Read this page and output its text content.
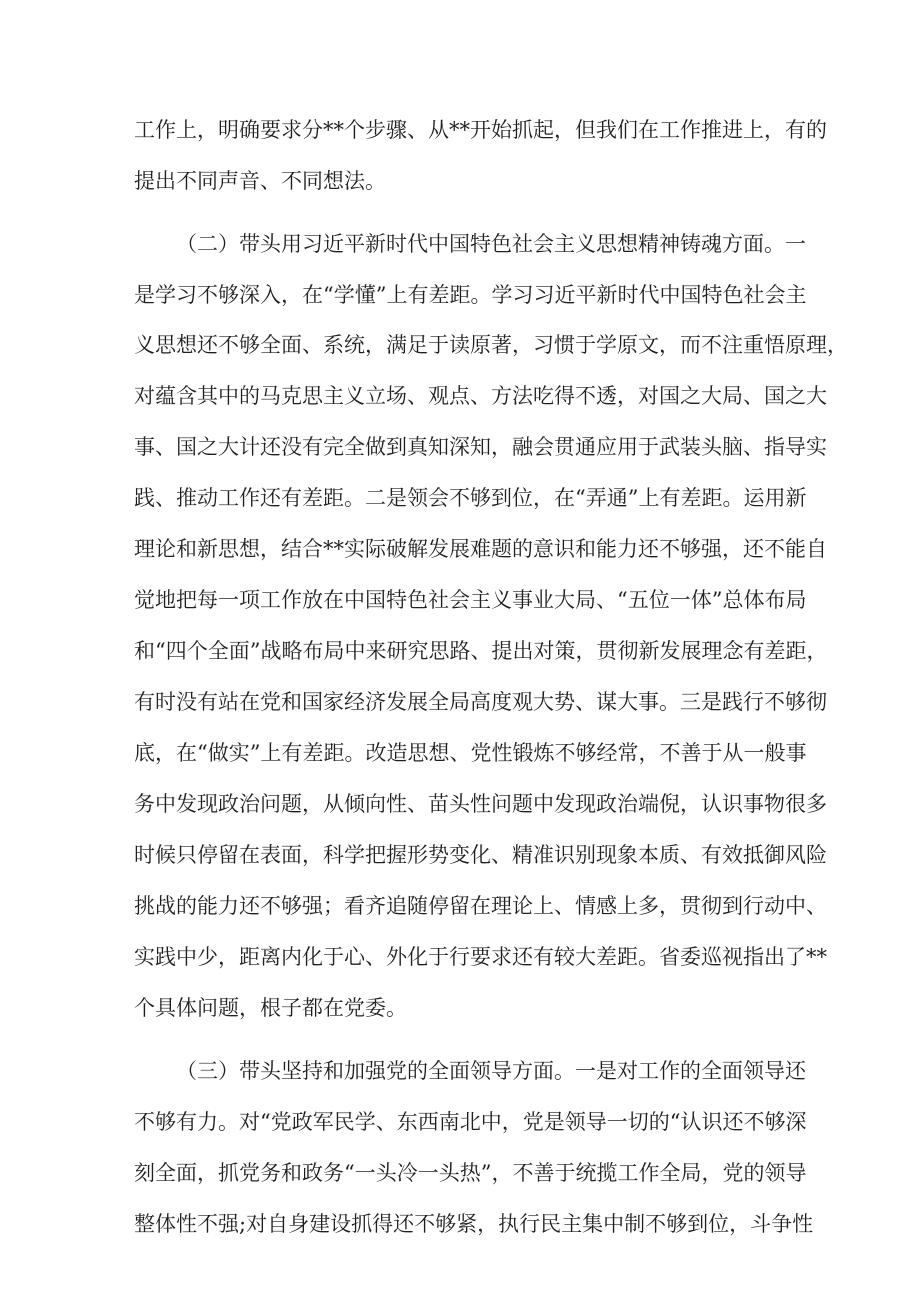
工作上，明确要求分**个步骤、从**开始抓起，但我们在工作推进上，有的
提出不同声音、不同想法。
（二）带头用习近平新时代中国特色社会主义思想精神铸魂方面。一
是学习不够深入，在“学懂”上有差距。学习习近平新时代中国特色社会主
义思想还不够全面、系统，满足于读原著，习惯于学原文，而不注重悟原理，
对蕴含其中的马克思主义立场、观点、方法吃得不透，对国之大局、国之大
事、国之大计还没有完全做到真知深知，融会贯通应用于武装头脑、指导实
践、推动工作还有差距。二是领会不够到位，在“弄通”上有差距。运用新
理论和新思想，结合**实际破解发展难题的意识和能力还不够强，还不能自
觉地把每一项工作放在中国特色社会主义事业大局、“五位一体”总体布局
和“四个全面”战略布局中来研究思路、提出对策，贯彻新发展理念有差距，
有时没有站在党和国家经济发展全局高度观大势、谋大事。三是践行不够彻
底，在“做实”上有差距。改造思想、党性锻炼不够经常，不善于从一般事
务中发现政治问题，从倾向性、苗头性问题中发现政治端倪，认识事物很多
时候只停留在表面，科学把握形势变化、精准识别现象本质、有效抵御风险
挑战的能力还不够强；看齐追随停留在理论上、情感上多，贯彻到行动中、
实践中少，距离内化于心、外化于行要求还有较大差距。省委巡视指出了**
个具体问题，根子都在党委。
（三）带头坚持和加强党的全面领导方面。一是对工作的全面领导还
不够有力。对“党政军民学、东西南北中，党是领导一切的“认识还不够深
刻全面，抓党务和政务“一头冷一头热”，不善于统揽工作全局，党的领导
整体性不强;对自身建设抓得还不够紧，执行民主集中制不够到位，斗争性
